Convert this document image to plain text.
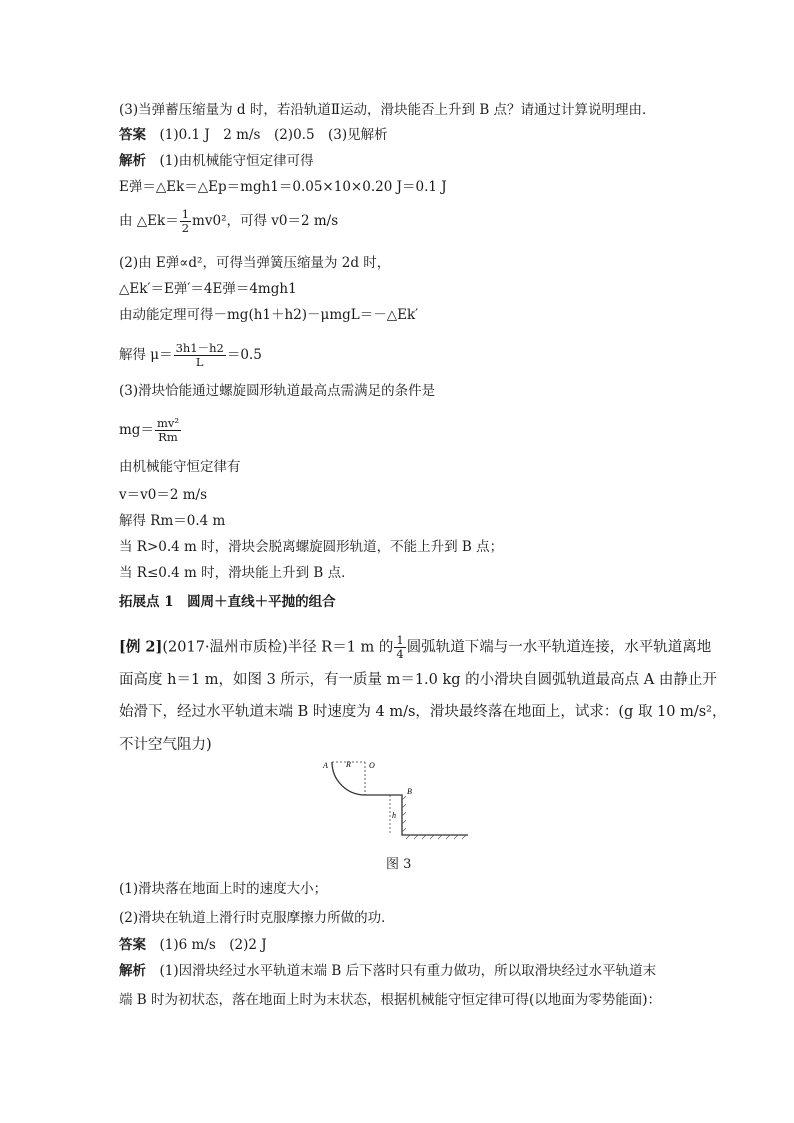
(3)当弹蓄压缩量为 d 时，若沿轨道Ⅱ运动，滑块能否上升到 B 点？请通过计算说明理由．
答案　 (1)0.1 J　2 m/s　(2)0.5　(3)见解析
解析　 (1)由机械能守恒定律可得
E弹＝△Ek＝△Ep＝mgh1＝0.05×10×0.20 J＝0.1 J
由 △Ek＝ $\frac{1}{2} mv0^2$，可得 v0＝2 m/s
(2)由 E弹∝d²，可得当弹簧压缩量为 2d 时，
△Ek′＝E弹′＝4E弹＝4mgh1
由动能定理可得－mg(h1＋h2)－μmgL＝－△Ek′
解得 $\mu= \frac{3h1-h2}{L} =0.5$
(3)滑块恰能通过螺旋圆形轨道最高点需满足的条件是
$mg= \frac{\text{mv²}}{Rm}$
由机械能守恒定律有
v＝v0＝2 m/s
解得 Rm＝0.4 m
当 R>0.4 m 时，滑块会脱离螺旋圆形轨道，不能上升到 B 点；
当 R≤0.4 m 时，滑块能上升到 B 点．
拓展点 1　圆周＋直线＋平抛的组合
[例 2](2017·温州市质检)半径 R＝1 m 的 $\frac{1}{4}$ 圆弧轨道下端与一水平轨道连接，水平轨道离地
面高度 h＝1 m，如图 3 所示，有一质量 m＝1.0 kg 的小滑块自圆弧轨道最高点 A 由静止开
始滑下，经过水平轨道末端 B 时速度为 4 m/s，滑块最终落在地面上，试求：(g 取 10 m/s²，
不计空气阻力)
A R O
B
h
图 3
(1)滑块落在地面上时的速度大小；
(2)滑块在轨道上滑行时克服摩擦力所做的功．
答案　 (1)6 m/s　(2)2 J
解析　 (1)因滑块经过水平轨道末端 B 后下落时只有重力做功，所以取滑块经过水平轨道末
端 B 时为初状态，落在地面上时为末状态，根据机械能守恒定律可得(以地面为零势能面)：
